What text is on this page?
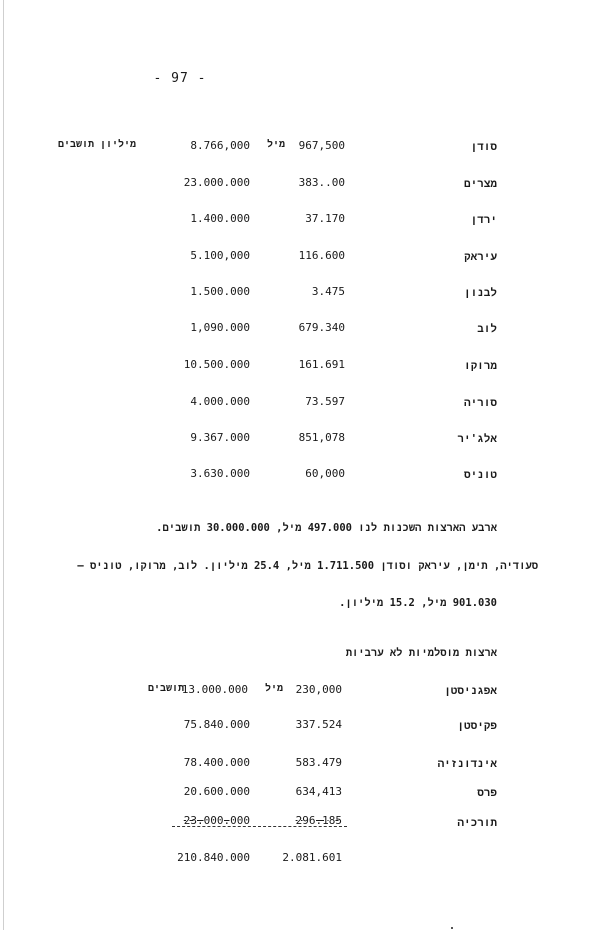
- 97 -
מיל
מיליון תושבים	סודן
967,500
8.766,000
מצרים
383..00
23.000.000
ירדן
37.170
1.400.000
עיראק
116.600
5.100,000
לבנון
3.475
1.500.000
לוב
679.340
1,090.000
מרוקו
161.691
10.500.000
סוריה
73.597
4.000.000
אלג'יר
851,078
9.367.000
טוניס
60,000
3.630.000
ארבע הארצות השכנות לנו 497.000 מיל, 30.000.000 תושבים.
סעודיה, תימן, עיראק וסודן 1.711.500 מיל, 25.4 מיליון. לוב, מרוקו, טוניס –
901.030 מיל, 15.2 מיליון.
ארצות מוסלמיות לא ערביות
מיל
תושבים	אפגניסטן
230,000
13.000.000
פקיסטן
337.524
75.840.000
אינדונזיה
583.479
78.400.000
פרס
634,413
20.600.000
תורכיה
296.185
23.000.000
2.081.601
210.840.000
